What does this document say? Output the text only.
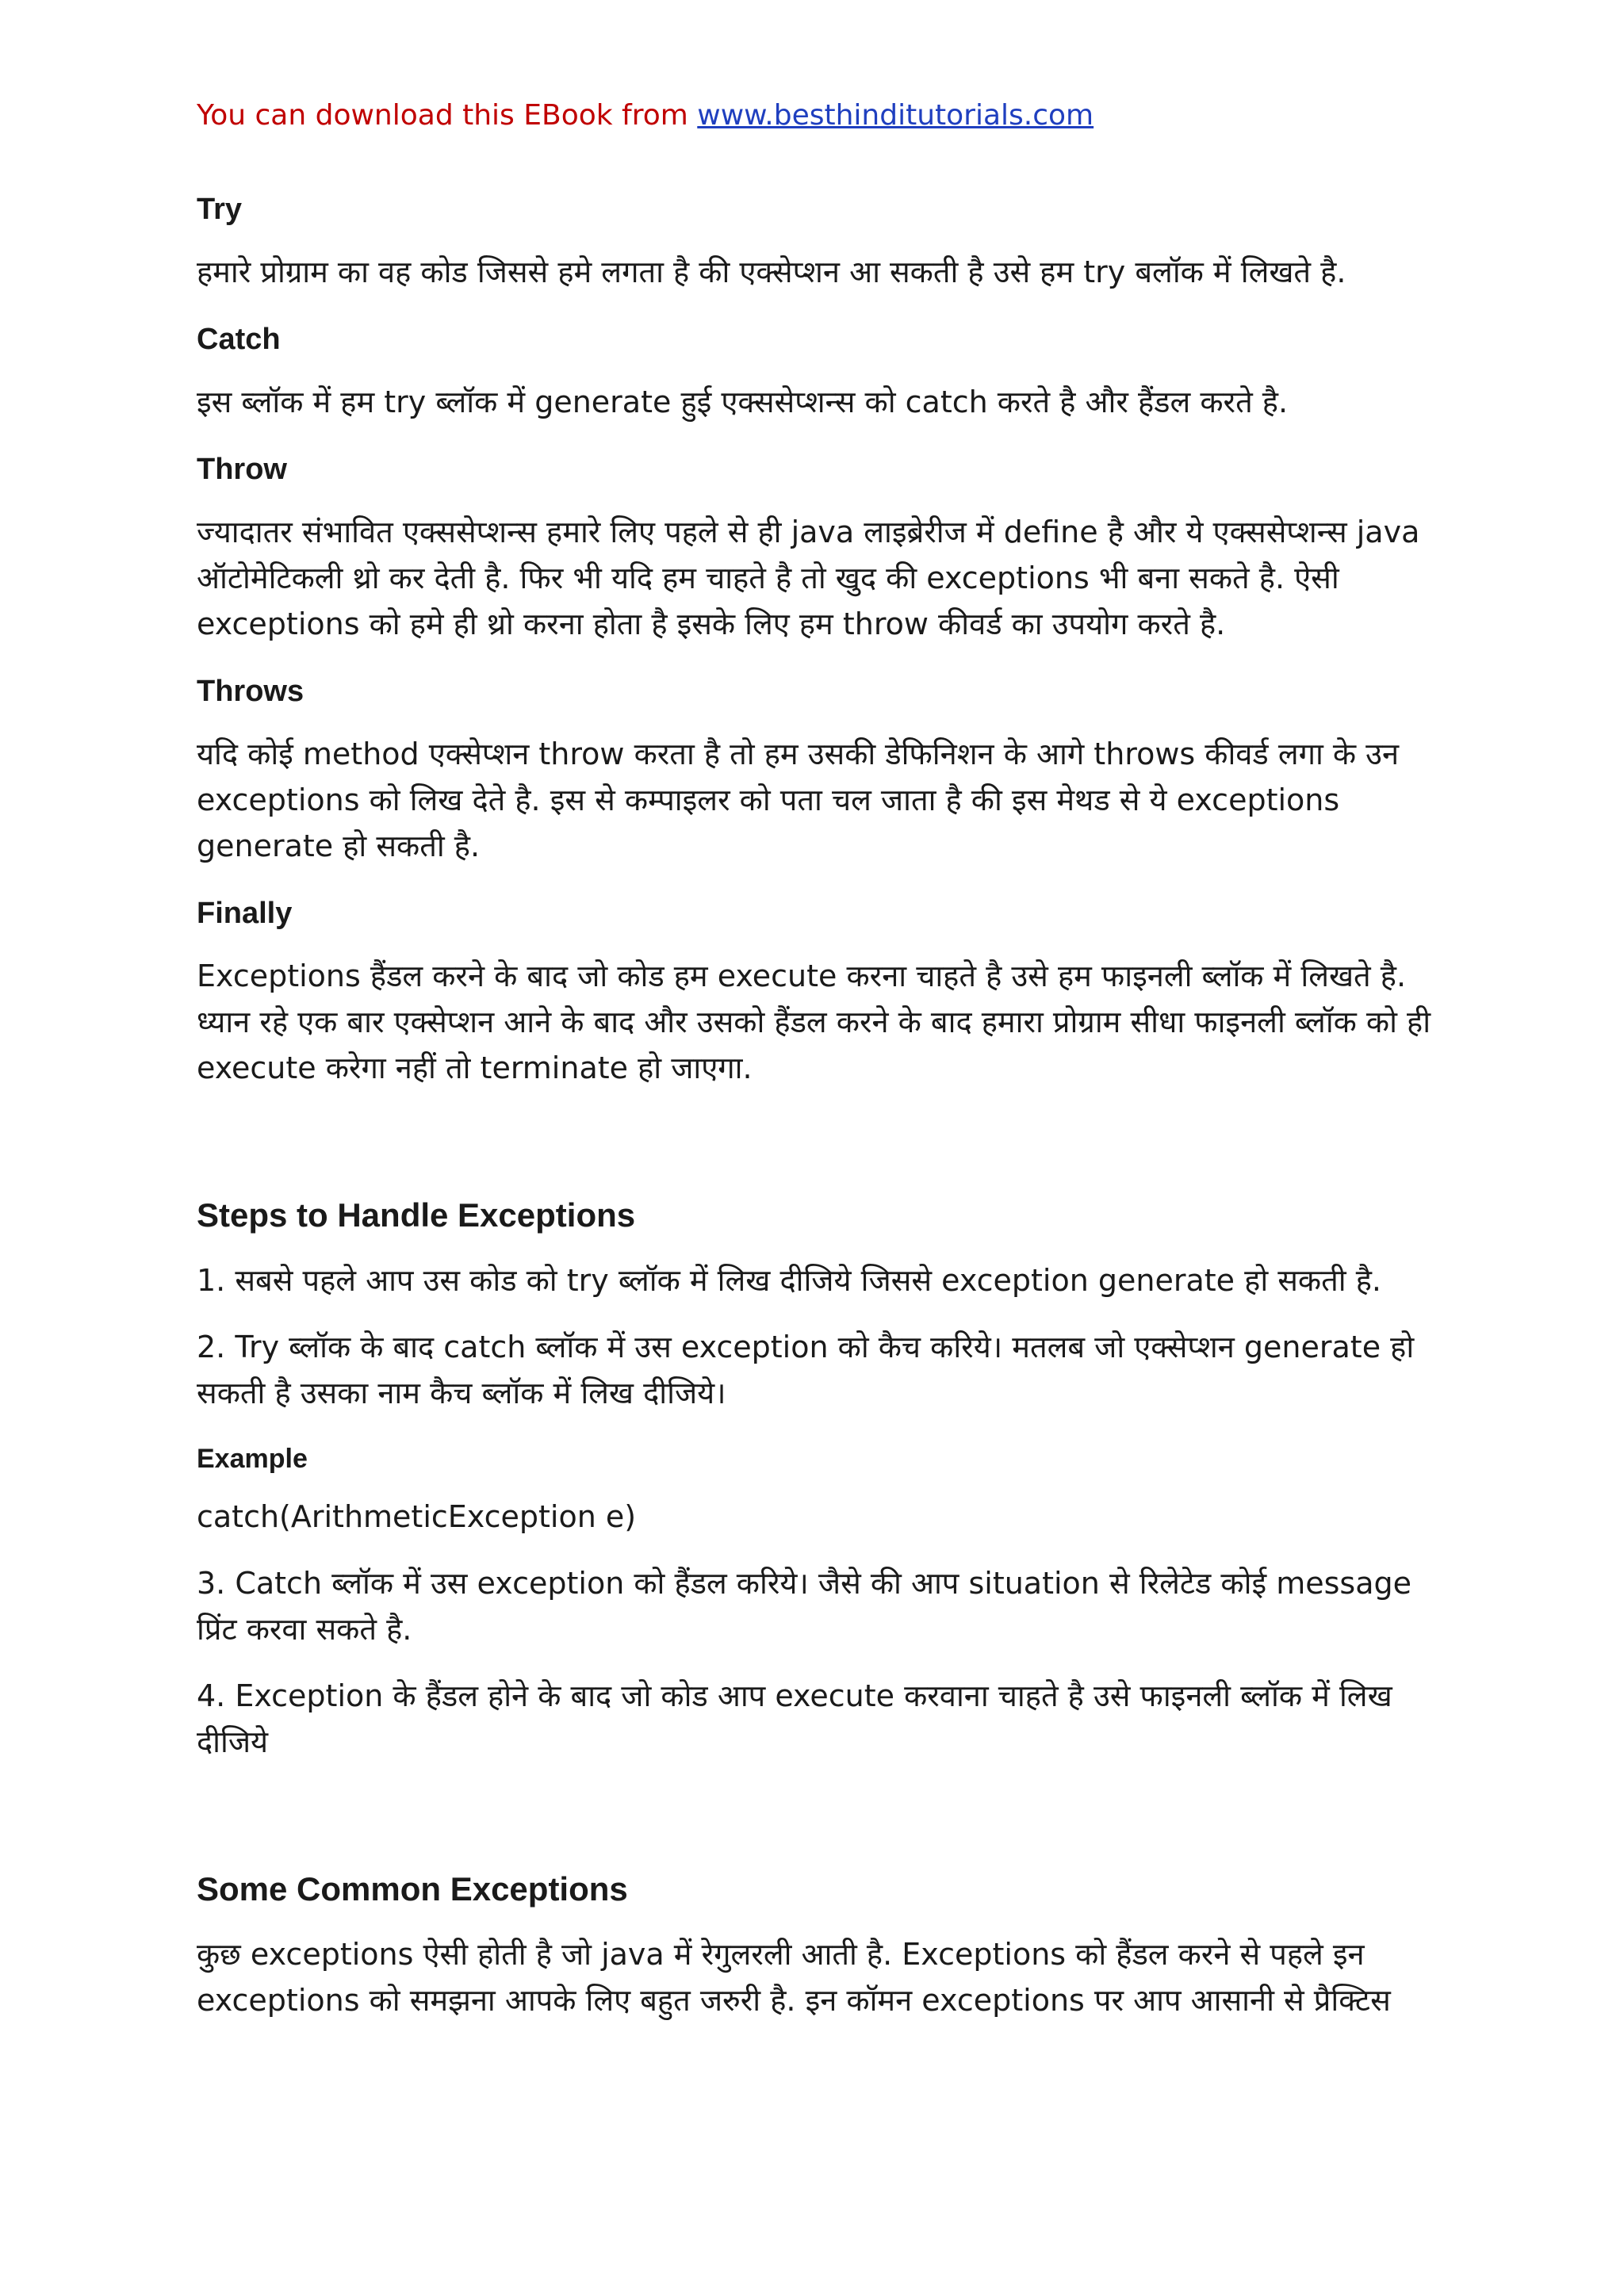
You can download this EBook from www.besthinditutorials.com
Try
हमारे प्रोग्राम का वह कोड जिससे हमे लगता है की एक्सेप्शन आ सकती है उसे हम try बलॉक में लिखते है.
Catch
इस ब्लॉक में हम try ब्लॉक में generate हुई एक्ससेप्शन्स को catch करते है और हैंडल करते है.
Throw
ज्यादातर संभावित एक्ससेप्शन्स हमारे लिए पहले से ही java लाइब्रेरीज में define है और ये एक्ससेप्शन्स java ऑटोमेटिकली थ्रो कर देती है. फिर भी यदि हम चाहते है तो खुद की exceptions भी बना सकते है. ऐसी exceptions को हमे ही थ्रो करना होता है इसके लिए हम throw कीवर्ड का उपयोग करते है.
Throws
यदि कोई method एक्सेप्शन throw करता है तो हम उसकी डेफिनिशन के आगे throws कीवर्ड लगा के उन exceptions को लिख देते है. इस से कम्पाइलर को पता चल जाता है की इस मेथड से ये exceptions generate हो सकती है.
Finally
Exceptions हैंडल करने के बाद जो कोड हम execute करना चाहते है उसे हम फाइनली ब्लॉक में लिखते है. ध्यान रहे एक बार एक्सेप्शन आने के बाद और उसको हैंडल करने के बाद हमारा प्रोग्राम सीधा फाइनली ब्लॉक को ही execute करेगा नहीं तो terminate हो जाएगा.
Steps to Handle Exceptions
1. सबसे पहले आप उस कोड को try ब्लॉक में लिख दीजिये जिससे exception generate हो सकती है.
2. Try ब्लॉक के बाद catch ब्लॉक में उस exception को कैच करिये। मतलब जो एक्सेप्शन generate हो सकती है उसका नाम कैच ब्लॉक में लिख दीजिये।
Example
catch(ArithmeticException e)
3. Catch ब्लॉक में उस exception को हैंडल करिये। जैसे की आप situation से रिलेटेड कोई message प्रिंट करवा सकते है.
4. Exception के हैंडल होने के बाद जो कोड आप execute करवाना चाहते है उसे फाइनली ब्लॉक में लिख दीजिये
Some Common Exceptions
कुछ exceptions ऐसी होती है जो java में रेगुलरली आती है. Exceptions को हैंडल करने से पहले इन exceptions को समझना आपके लिए बहुत जरुरी है. इन कॉमन exceptions पर आप आसानी से प्रैक्टिस
